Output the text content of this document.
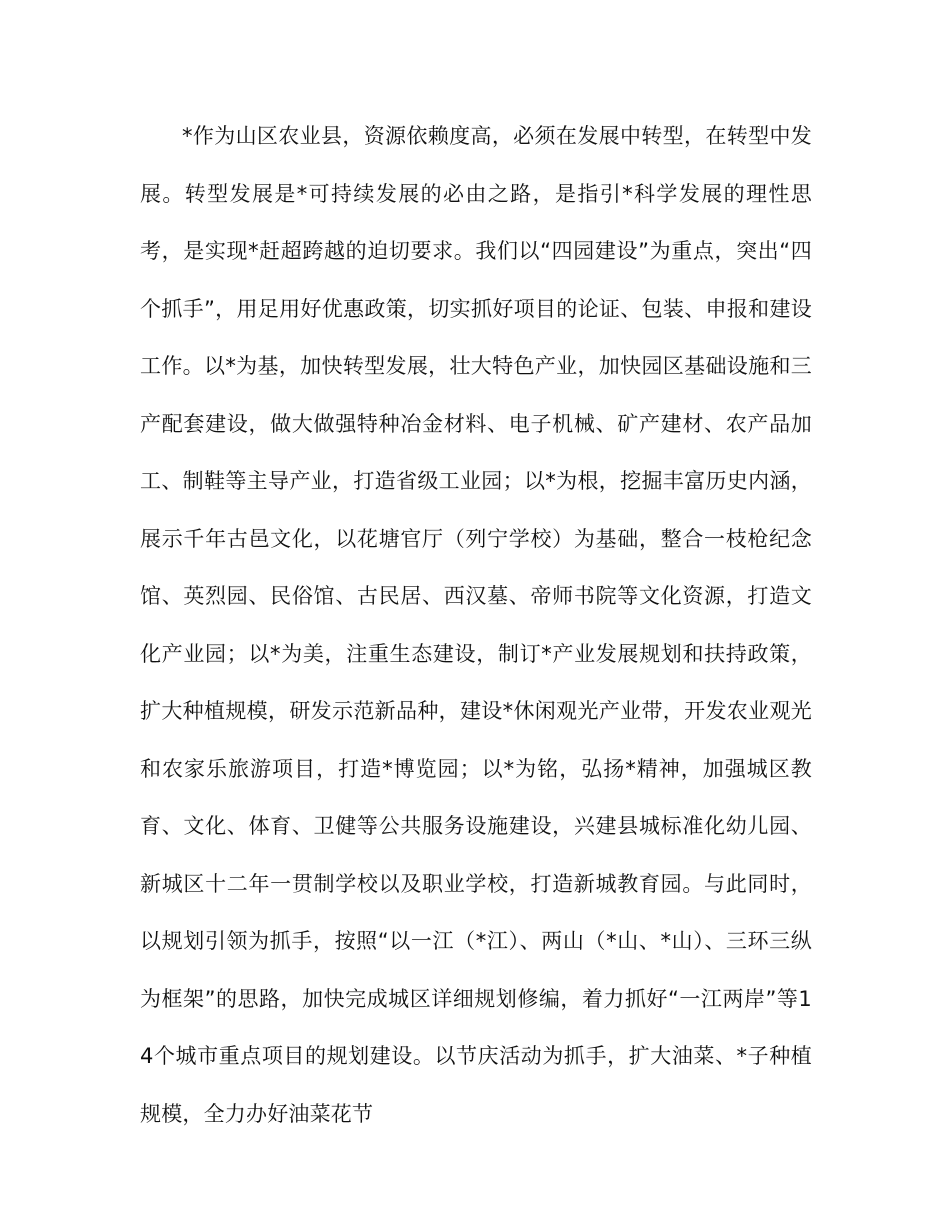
*作为山区农业县，资源依赖度高，必须在发展中转型，在转型中发展。转型发展是*可持续发展的必由之路，是指引*科学发展的理性思考，是实现*赶超跨越的迫切要求。我们以“四园建设”为重点，突出“四个抓手”，用足用好优惠政策，切实抓好项目的论证、包装、申报和建设工作。以*为基，加快转型发展，壮大特色产业，加快园区基础设施和三产配套建设，做大做强特种冶金材料、电子机械、矿产建材、农产品加工、制鞋等主导产业，打造省级工业园；以*为根，挖掘丰富历史内涵，展示千年古邑文化，以花塘官厅（列宁学校）为基础，整合一枝枪纪念馆、英烈园、民俗馆、古民居、西汉墓、帝师书院等文化资源，打造文化产业园；以*为美，注重生态建设，制订*产业发展规划和扶持政策，扩大种植规模，研发示范新品种，建设*休闲观光产业带，开发农业观光和农家乐旅游项目，打造*博览园；以*为铭，弘扬*精神，加强城区教育、文化、体育、卫健等公共服务设施建设，兴建县城标准化幼儿园、新城区十二年一贯制学校以及职业学校，打造新城教育园。与此同时，以规划引领为抓手，按照“以一江（*江）、两山（*山、*山）、三环三纵为框架”的思路，加快完成城区详细规划修编，着力抓好“一江两岸”等14个城市重点项目的规划建设。以节庆活动为抓手，扩大油菜、*子种植规模，全力办好油菜花节
